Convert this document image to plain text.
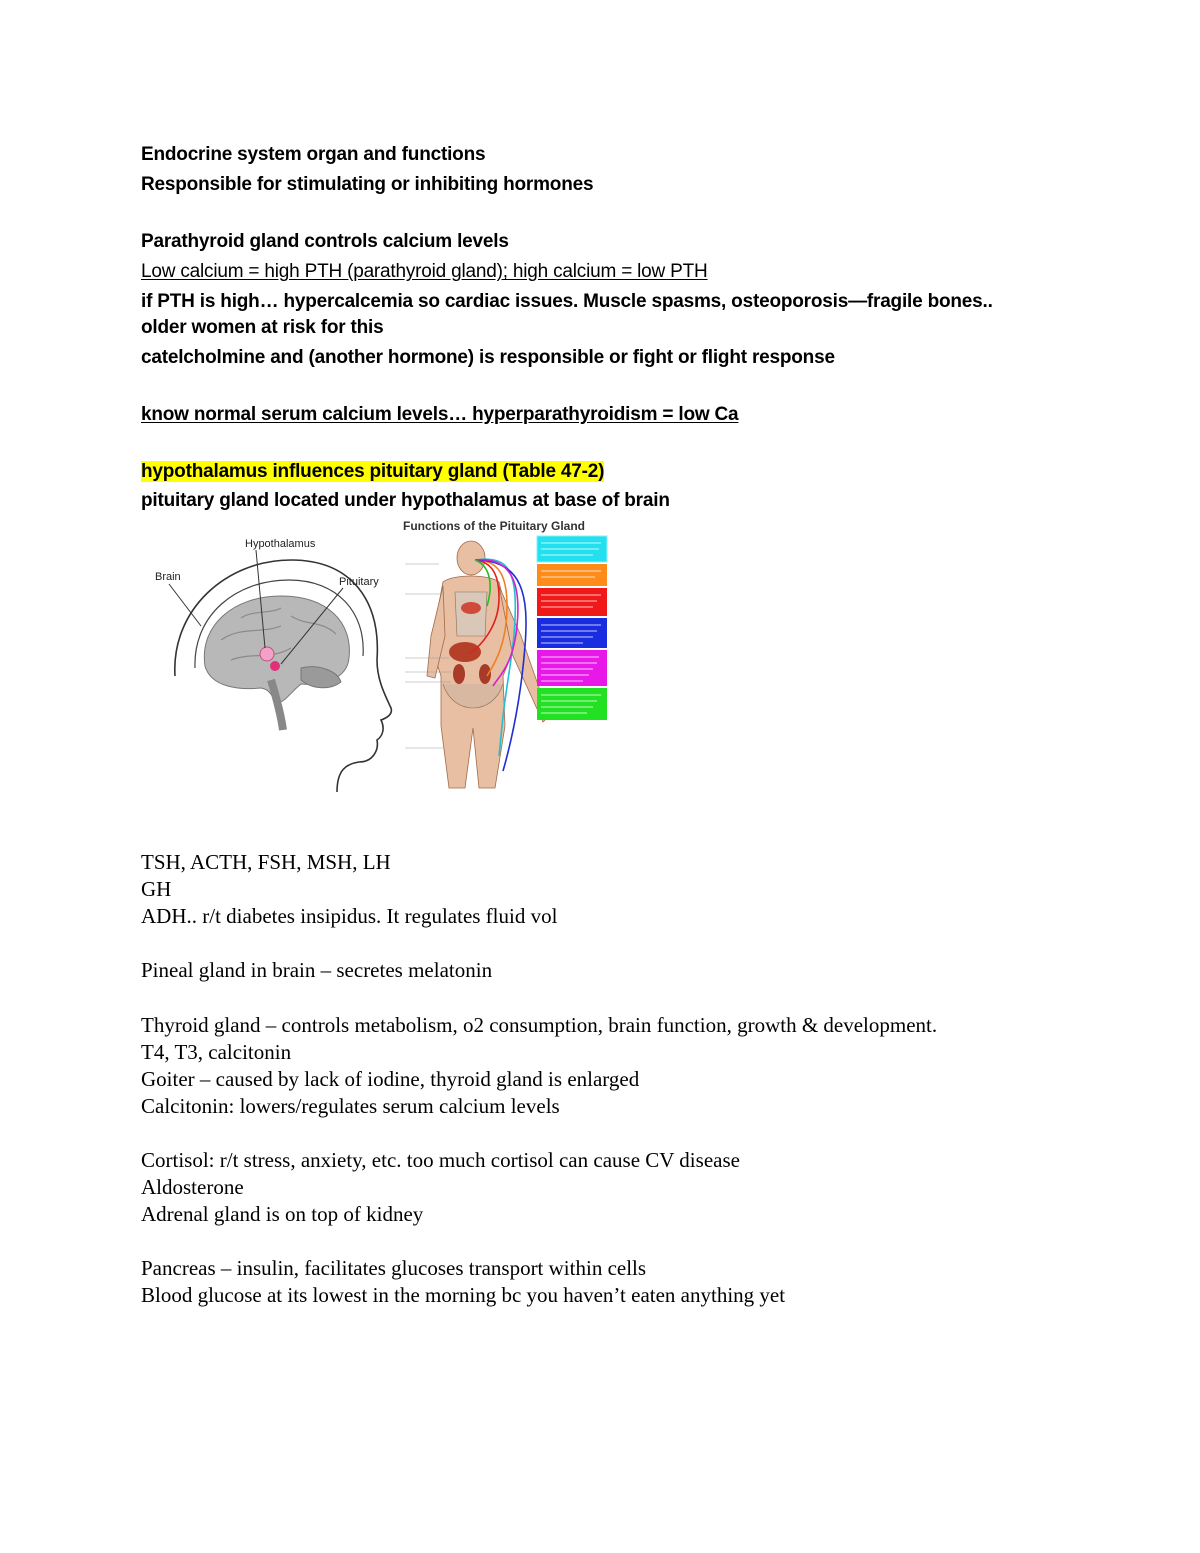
Endocrine system organ and functions
Responsible for stimulating or inhibiting hormones
Parathyroid gland controls calcium levels
Low calcium = high PTH (parathyroid gland); high calcium = low PTH
if PTH is high… hypercalcemia so cardiac issues. Muscle spasms, osteoporosis—fragile bones..
older women at risk for this
catelcholmine and (another hormone) is responsible or fight or flight response
know normal serum calcium levels… hyperparathyroidism = low Ca
hypothalamus influences pituitary gland (Table 47-2)
pituitary gland located under hypothalamus at base of brain
Hypothalamus
Brain	Pituitary
Functions of the Pituitary Gland
TSH, ACTH, FSH, MSH, LH
GH
ADH.. r/t diabetes insipidus. It regulates fluid vol
Pineal gland in brain – secretes melatonin
Thyroid gland – controls metabolism, o2 consumption, brain function, growth & development.
T4, T3, calcitonin
Goiter – caused by lack of iodine, thyroid gland is enlarged
Calcitonin: lowers/regulates serum calcium levels
Cortisol: r/t stress, anxiety, etc. too much cortisol can cause CV disease
Aldosterone
Adrenal gland is on top of kidney
Pancreas – insulin, facilitates glucoses transport within cells
Blood glucose at its lowest in the morning bc you haven’t eaten anything yet
